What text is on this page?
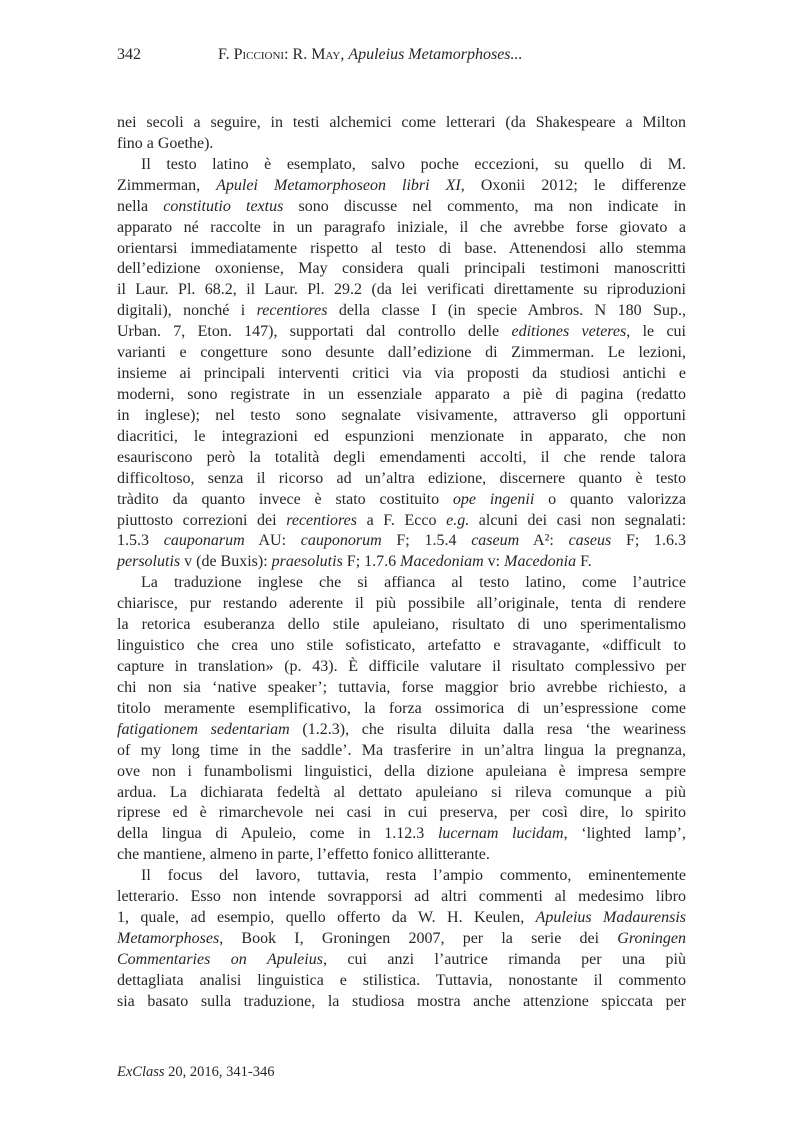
342	F. Piccioni: R. May, Apuleius Metamorphoses...
nei secoli a seguire, in testi alchemici come letterari (da Shakespeare a Milton
fino a Goethe).
Il testo latino è esemplato, salvo poche eccezioni, su quello di M.
Zimmerman, Apulei Metamorphoseon libri XI, Oxonii 2012; le differenze
nella constitutio textus sono discusse nel commento, ma non indicate in
apparato né raccolte in un paragrafo iniziale, il che avrebbe forse giovato a
orientarsi immediatamente rispetto al testo di base. Attenendosi allo stemma
dell’edizione oxoniense, May considera quali principali testimoni manoscritti
il Laur. Pl. 68.2, il Laur. Pl. 29.2 (da lei verificati direttamente su riproduzioni
digitali), nonché i recentiores della classe I (in specie Ambros. N 180 Sup.,
Urban. 7, Eton. 147), supportati dal controllo delle editiones veteres, le cui
varianti e congetture sono desunte dall’edizione di Zimmerman. Le lezioni,
insieme ai principali interventi critici via via proposti da studiosi antichi e
moderni, sono registrate in un essenziale apparato a piè di pagina (redatto
in inglese); nel testo sono segnalate visivamente, attraverso gli opportuni
diacritici, le integrazioni ed espunzioni menzionate in apparato, che non
esauriscono però la totalità degli emendamenti accolti, il che rende talora
difficoltoso, senza il ricorso ad un’altra edizione, discernere quanto è testo
tràdito da quanto invece è stato costituito ope ingenii o quanto valorizza
piuttosto correzioni dei recentiores a F. Ecco e.g. alcuni dei casi non segnalati:
1.5.3 cauponarum AU: cauponorum F; 1.5.4 caseum A²: caseus F; 1.6.3
persolutis v (de Buxis): praesolutis F; 1.7.6 Macedoniam v: Macedonia F.
La traduzione inglese che si affianca al testo latino, come l’autrice
chiarisce, pur restando aderente il più possibile all’originale, tenta di rendere
la retorica esuberanza dello stile apuleiano, risultato di uno sperimentalismo
linguistico che crea uno stile sofisticato, artefatto e stravagante, «difficult to
capture in translation» (p. 43). È difficile valutare il risultato complessivo per
chi non sia ‘native speaker’; tuttavia, forse maggior brio avrebbe richiesto, a
titolo meramente esemplificativo, la forza ossimorica di un’espressione come
fatigationem sedentariam (1.2.3), che risulta diluita dalla resa ‘the weariness
of my long time in the saddle’. Ma trasferire in un’altra lingua la pregnanza,
ove non i funambolismi linguistici, della dizione apuleiana è impresa sempre
ardua. La dichiarata fedeltà al dettato apuleiano si rileva comunque a più
riprese ed è rimarchevole nei casi in cui preserva, per così dire, lo spirito
della lingua di Apuleio, come in 1.12.3 lucernam lucidam, ‘lighted lamp’,
che mantiene, almeno in parte, l’effetto fonico allitterante.
Il focus del lavoro, tuttavia, resta l’ampio commento, eminentemente
letterario. Esso non intende sovrapporsi ad altri commenti al medesimo libro
1, quale, ad esempio, quello offerto da W. H. Keulen, Apuleius Madaurensis
Metamorphoses, Book I, Groningen 2007, per la serie dei Groningen
Commentaries on Apuleius, cui anzi l’autrice rimanda per una più
dettagliata analisi linguistica e stilistica. Tuttavia, nonostante il commento
sia basato sulla traduzione, la studiosa mostra anche attenzione spiccata per
ExClass 20, 2016, 341-346
